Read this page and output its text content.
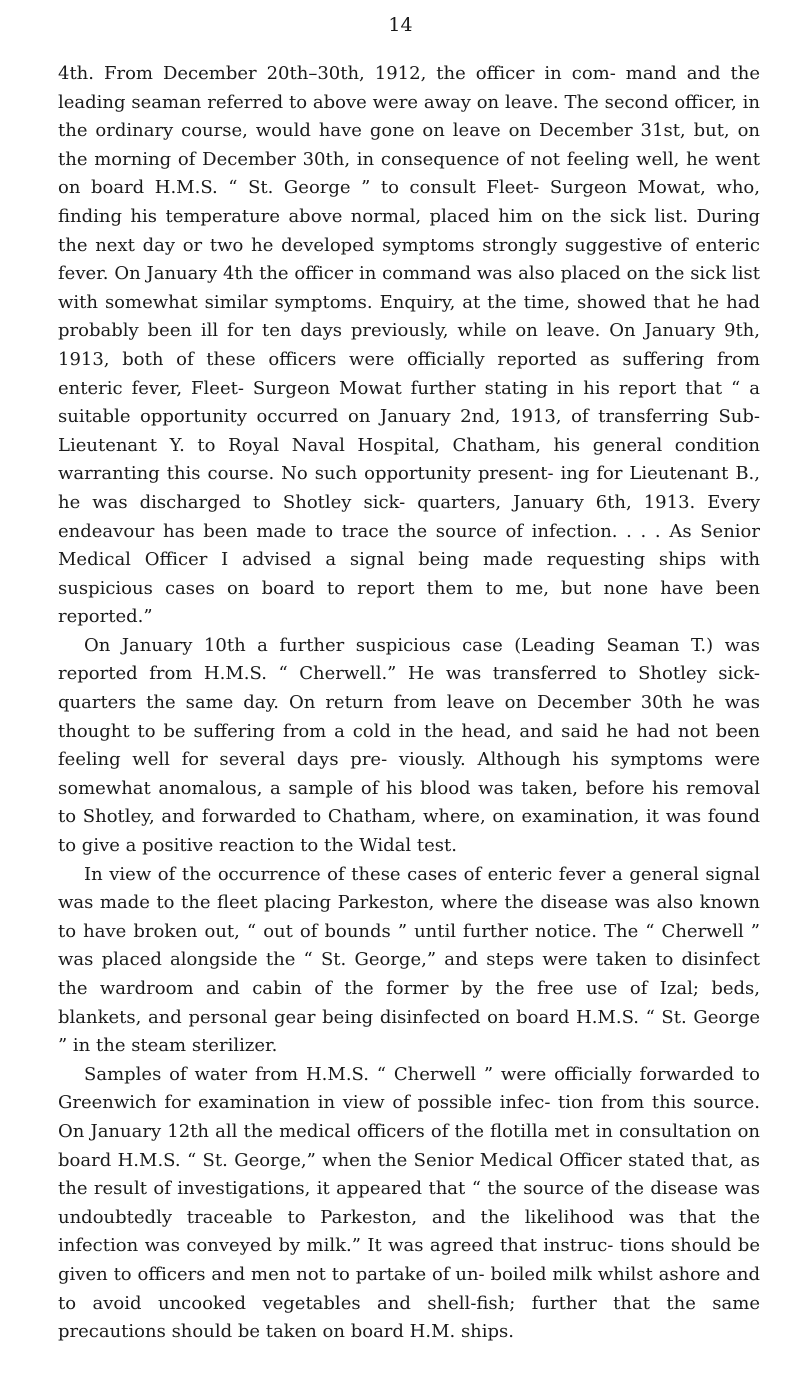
14

4th. From December 20th–30th, 1912, the officer in com- mand and the leading seaman referred to above were away on leave. The second officer, in the ordinary course, would have gone on leave on December 31st, but, on the morning of December 30th, in consequence of not feeling well, he went on board H.M.S. “ St. George ” to consult Fleet- Surgeon Mowat, who, finding his temperature above normal, placed him on the sick list. During the next day or two he developed symptoms strongly suggestive of enteric fever. On January 4th the officer in command was also placed on the sick list with somewhat similar symptoms. Enquiry, at the time, showed that he had probably been ill for ten days previously, while on leave. On January 9th, 1913, both of these officers were officially reported as suffering from enteric fever, Fleet- Surgeon Mowat further stating in his report that “ a suitable opportunity occurred on January 2nd, 1913, of transferring Sub- Lieutenant Y. to Royal Naval Hospital, Chatham, his general condition warranting this course. No such opportunity present- ing for Lieutenant B., he was discharged to Shotley sick- quarters, January 6th, 1913. Every endeavour has been made to trace the source of infection. . . . As Senior Medical Officer I advised a signal being made requesting ships with suspicious cases on board to report them to me, but none have been reported.”

On January 10th a further suspicious case (Leading Seaman T.) was reported from H.M.S. “ Cherwell.” He was transferred to Shotley sick-quarters the same day. On return from leave on December 30th he was thought to be suffering from a cold in the head, and said he had not been feeling well for several days pre- viously. Although his symptoms were somewhat anomalous, a sample of his blood was taken, before his removal to Shotley, and forwarded to Chatham, where, on examination, it was found to give a positive reaction to the Widal test.

In view of the occurrence of these cases of enteric fever a general signal was made to the fleet placing Parkeston, where the disease was also known to have broken out, “ out of bounds ” until further notice. The “ Cherwell ” was placed alongside the “ St. George,” and steps were taken to disinfect the wardroom and cabin of the former by the free use of Izal; beds, blankets, and personal gear being disinfected on board H.M.S. “ St. George ” in the steam sterilizer.

Samples of water from H.M.S. “ Cherwell ” were officially forwarded to Greenwich for examination in view of possible infec- tion from this source. On January 12th all the medical officers of the flotilla met in consultation on board H.M.S. “ St. George,” when the Senior Medical Officer stated that, as the result of investigations, it appeared that “ the source of the disease was undoubtedly traceable to Parkeston, and the likelihood was that the infection was conveyed by milk.” It was agreed that instruc- tions should be given to officers and men not to partake of un- boiled milk whilst ashore and to avoid uncooked vegetables and shell-fish; further that the same precautions should be taken on board H.M. ships.
